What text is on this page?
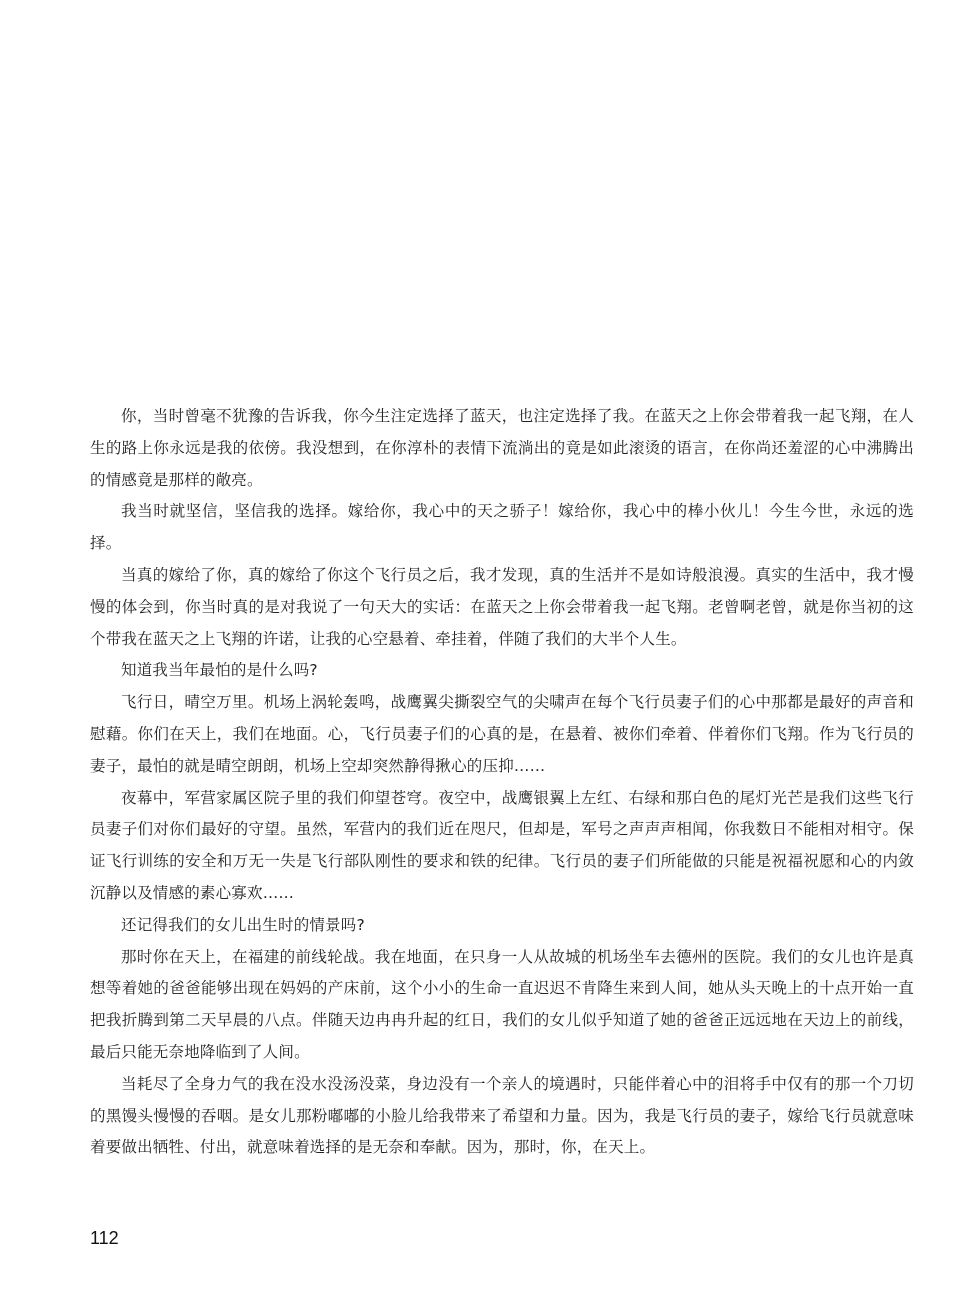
你，当时曾毫不犹豫的告诉我，你今生注定选择了蓝天，也注定选择了我。在蓝天之上你会带着我一起飞翔，在人生的路上你永远是我的依傍。我没想到，在你淳朴的表情下流淌出的竟是如此滚烫的语言，在你尚还羞涩的心中沸腾出的情感竟是那样的敞亮。

我当时就坚信，坚信我的选择。嫁给你，我心中的天之骄子！嫁给你，我心中的棒小伙儿！今生今世，永远的选择。

当真的嫁给了你，真的嫁给了你这个飞行员之后，我才发现，真的生活并不是如诗般浪漫。真实的生活中，我才慢慢的体会到，你当时真的是对我说了一句天大的实话：在蓝天之上你会带着我一起飞翔。老曾啊老曾，就是你当初的这个带我在蓝天之上飞翔的许诺，让我的心空悬着、牵挂着，伴随了我们的大半个人生。

知道我当年最怕的是什么吗?

飞行日，晴空万里。机场上涡轮轰鸣，战鹰翼尖撕裂空气的尖啸声在每个飞行员妻子们的心中那都是最好的声音和慰藉。你们在天上，我们在地面。心，飞行员妻子们的心真的是，在悬着、被你们牵着、伴着你们飞翔。作为飞行员的妻子，最怕的就是晴空朗朗，机场上空却突然静得揪心的压抑……

夜幕中，军营家属区院子里的我们仰望苍穹。夜空中，战鹰银翼上左红、右绿和那白色的尾灯光芒是我们这些飞行员妻子们对你们最好的守望。虽然，军营内的我们近在咫尺，但却是，军号之声声声相闻，你我数日不能相对相守。保证飞行训练的安全和万无一失是飞行部队刚性的要求和铁的纪律。飞行员的妻子们所能做的只能是祝福祝愿和心的内敛沉静以及情感的素心寡欢……

还记得我们的女儿出生时的情景吗?

那时你在天上，在福建的前线轮战。我在地面，在只身一人从故城的机场坐车去德州的医院。我们的女儿也许是真想等着她的爸爸能够出现在妈妈的产床前，这个小小的生命一直迟迟不肯降生来到人间，她从头天晚上的十点开始一直把我折腾到第二天早晨的八点。伴随天边冉冉升起的红日，我们的女儿似乎知道了她的爸爸正远远地在天边上的前线，最后只能无奈地降临到了人间。

当耗尽了全身力气的我在没水没汤没菜，身边没有一个亲人的境遇时，只能伴着心中的泪将手中仅有的那一个刀切的黑馒头慢慢的吞咽。是女儿那粉嘟嘟的小脸儿给我带来了希望和力量。因为，我是飞行员的妻子，嫁给飞行员就意味着要做出牺牲、付出，就意味着选择的是无奈和奉献。因为，那时，你，在天上。

112
